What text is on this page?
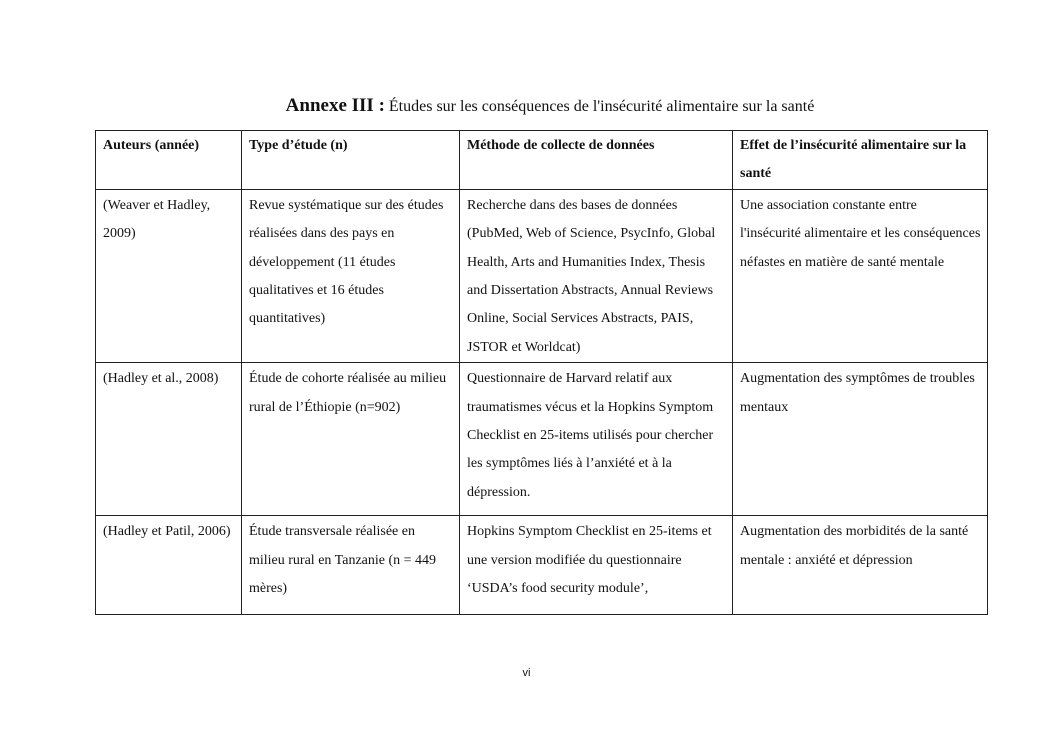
Annexe III : Études sur les conséquences de l'insécurité alimentaire sur la santé
Auteurs (année)	Type d’étude (n)	Méthode de collecte de données	Effet de l’insécurité alimentaire sur la santé
(Weaver et Hadley, 2009)	Revue systématique sur des études réalisées dans des pays en développement (11 études qualitatives et 16 études quantitatives)	Recherche dans des bases de données (PubMed, Web of Science, PsycInfo, Global Health, Arts and Humanities Index, Thesis and Dissertation Abstracts, Annual Reviews Online, Social Services Abstracts, PAIS, JSTOR et Worldcat)	Une association constante entre l'insécurité alimentaire et les conséquences néfastes en matière de santé mentale
(Hadley et al., 2008)	Étude de cohorte réalisée au milieu rural de l’Éthiopie (n=902)	Questionnaire de Harvard relatif aux traumatismes vécus et la Hopkins Symptom Checklist en 25-items utilisés pour chercher les symptômes liés à l’anxiété et à la dépression.	Augmentation des symptômes de troubles mentaux
(Hadley et Patil, 2006)	Étude transversale réalisée en milieu rural en Tanzanie (n = 449 mères)	Hopkins Symptom Checklist en 25-items et une version modifiée du questionnaire ‘USDA’s food security module’,	Augmentation des morbidités de la santé mentale : anxiété et dépression
vi
